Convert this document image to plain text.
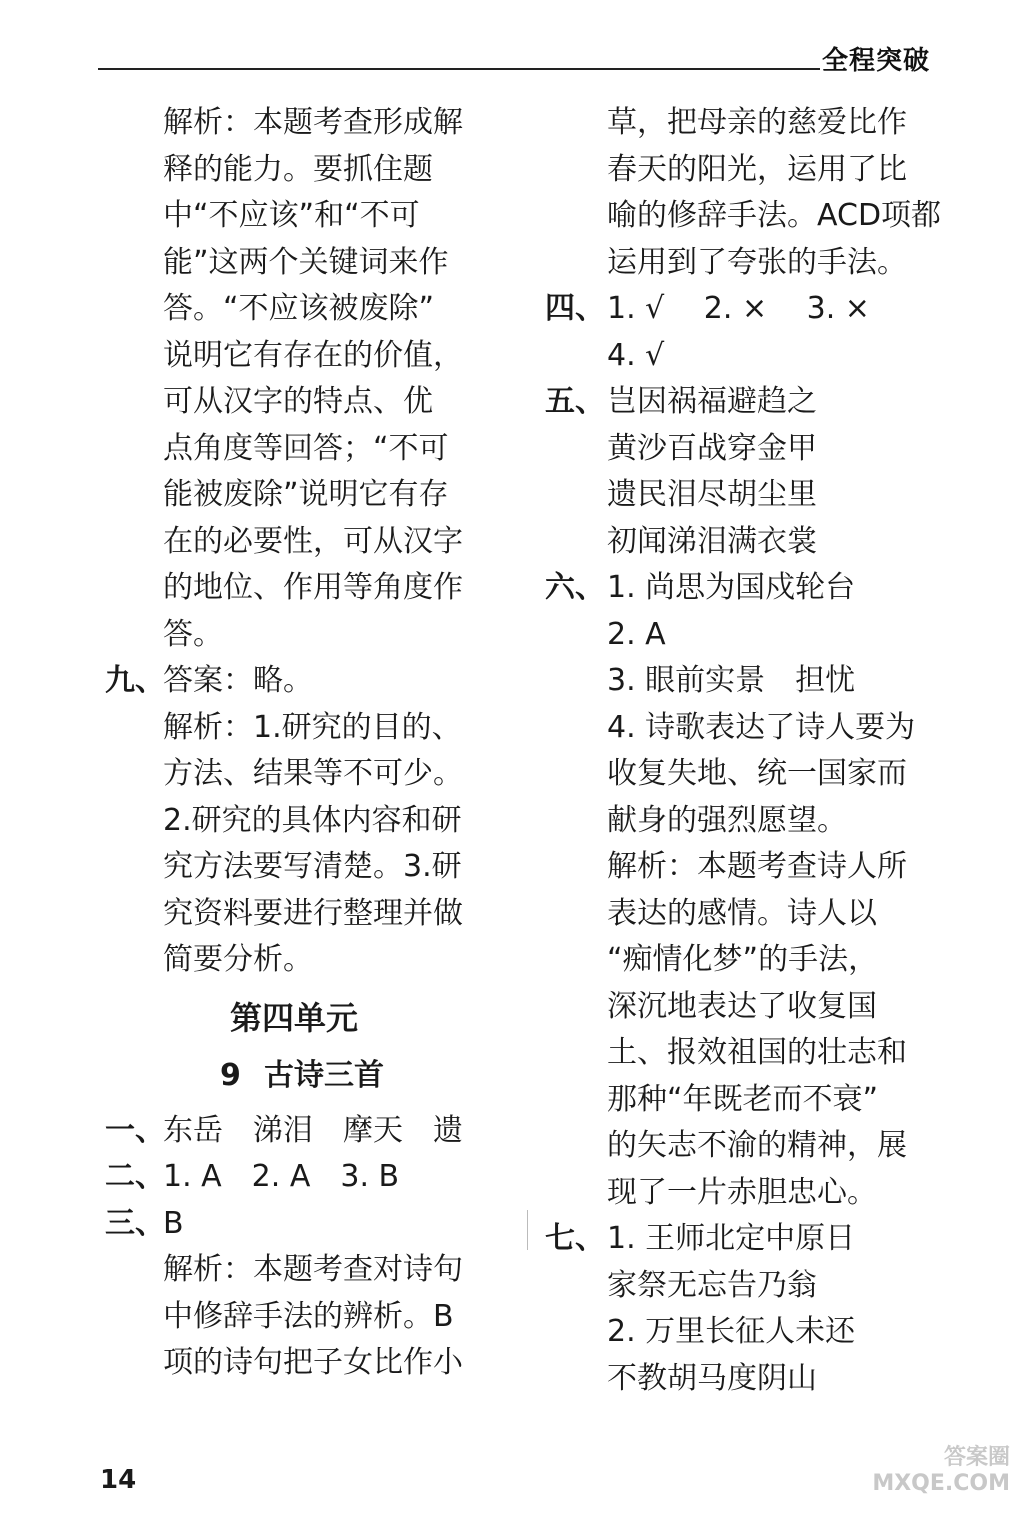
全程突破
解析：本题考查形成解
释的能力。要抓住题
中“不应该”和“不可
能”这两个关键词来作
答。“不应该被废除”
说明它有存在的价值，
可从汉字的特点、优
点角度等回答；“不可
能被废除”说明它有存
在的必要性，可从汉字
的地位、作用等角度作
答。
九、答案：略。
解析：1.研究的目的、
方法、结果等不可少。
2.研究的具体内容和研
究方法要写清楚。3.研
究资料要进行整理并做
简要分析。
第四单元
9 古诗三首
一、东岳　涕泪　摩天　遗
二、1. A　2. A　3. B
三、B
解析：本题考查对诗句
中修辞手法的辨析。B
项的诗句把子女比作小
草，把母亲的慈爱比作
春天的阳光，运用了比
喻的修辞手法。ACD项都
运用到了夸张的手法。
四、1. √　 2. ×　 3. ×
4. √
五、岂因祸福避趋之
黄沙百战穿金甲
遗民泪尽胡尘里
初闻涕泪满衣裳
六、1. 尚思为国戍轮台
2. A
3. 眼前实景　担忧
4. 诗歌表达了诗人要为
收复失地、统一国家而
献身的强烈愿望。
解析：本题考查诗人所
表达的感情。诗人以
“痴情化梦”的手法，
深沉地表达了收复国
土、报效祖国的壮志和
那种“年既老而不衰”
的矢志不渝的精神，展
现了一片赤胆忠心。
七、1. 王师北定中原日
家祭无忘告乃翁
2. 万里长征人未还
不教胡马度阴山
14
答案圈 MXQE.COM
